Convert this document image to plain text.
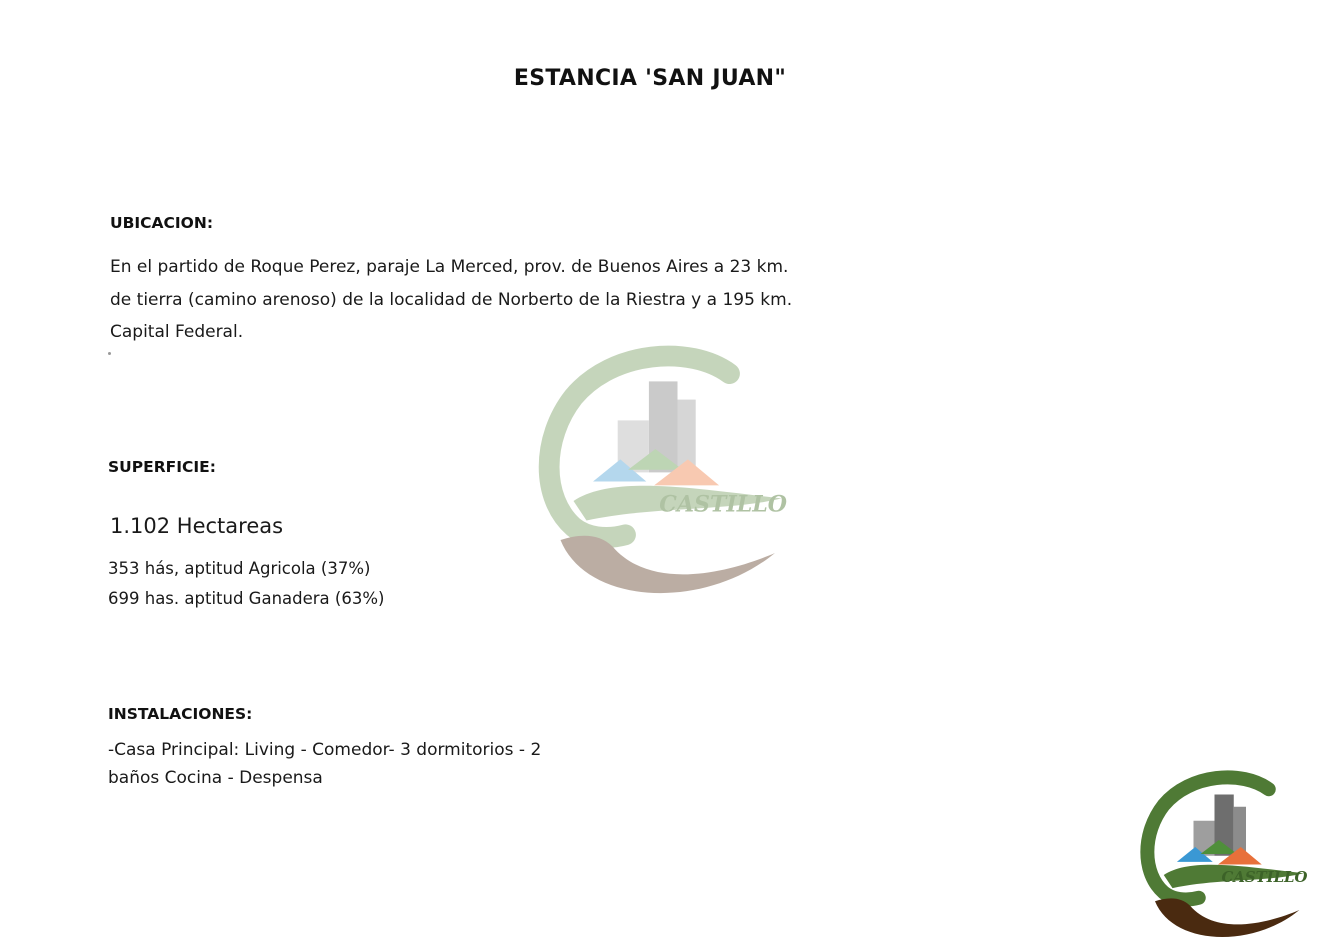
ESTANCIA 'SAN JUAN"
UBICACION:

En el partido de Roque Perez, paraje La Merced, prov. de Buenos Aires a 23 km.
de tierra (camino arenoso) de la localidad de Norberto de la Riestra y a 195 km.
Capital Federal.

CASTILLO
SUPERFICIE:

1.102 Hectareas

353 hás, aptitud Agricola (37%)
699 has. aptitud Ganadera (63%)

INSTALACIONES:

-Casa Principal: Living - Comedor- 3 dormitorios - 2
baños Cocina - Despensa

CASTILLO
